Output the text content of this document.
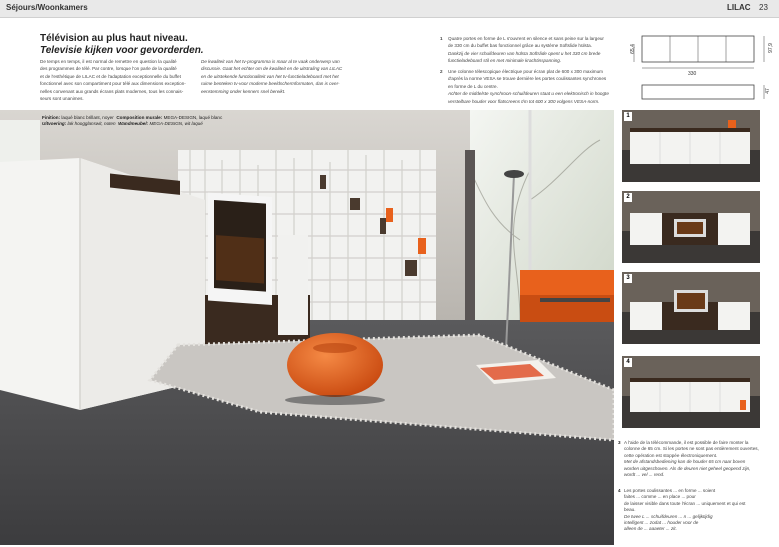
Séjours/Woonkamers	LILAC 23
Télévision au plus haut niveau.
Televisie kijken voor gevorderden.
De temps en temps, il est normal de remettre en question la qualité
des programmes de télé. Par contre, lorsque l'on parle de la qualité
et de l'esthétique de LILAC et de l'adaptation exceptionnelle du buffet
fonctionnel avec son compartiment pour télé aux dimensions exception-
nelles convenant aux grands écrans plats modernes, tous les connais-
seurs sont unanimes.
De kwaliteit van het tv-programma is maar al te vaak onderwerp van
discussie. Gaat het echter om de kwaliteit en de uitstraling van LILAC
en de uitstekende functionaliteit van het tv-functieladeboard met het
ruime benteken tv-voor moderne beeldschermformaten, dan is over-
eenstemming onder kenners snel bereikt.
1 Quatre portes en forme de L s'ouvrent en silence et sans peine sur la largeur
de 330 cm du buffet bas fonctionnel grâce au système Softslide hülsta.
Dankzij de vier schuifdeuren van hülsta Softslide opent u het 330 cm brede
functieladeboard stil en met minimale krachtinspanning.
2 Une colonne télescopique électrique pour écran plat de 600 x 300 maximum
d'après la norme VESA se trouve dernière les portes coulissantes synchrones
en forme de L du centre.
Achter de middelste synchroon-schuifdeuren staat u een elektronisch in hoogte
verstelbare houder voor flatscreens t/m tot 600 x 300 volgens VESA-norm.
65,4	97,9
330
47
Finition: laqué blanc brillant, noyer Composition murale: MEGA-DESIGN, laqué blanc
Uitvoering: lak hoogglanswit, noten Wandmeubel: MEGA-DESIGN, wit laqué
1
2
3
4
3 A l'aide de la télécommande, il est possible de faire monter la
colonne de 65 cm. Si les portes ne sont pas entièrement ouvertes,
cette opération est stoppée électroniquement.
Met de afstandsbediening kan de houder 65 cm naar boven
worden uitgeschoven. Als de deuren niet geheel geopend zijn,
wordt ... vel ... rend.
4 Les portes coulissantes ... en forme ... soient
faites ... comme ... en place ... pour
de laisser visible dans toute l'écran ... uniquement et qui est
beau.
De twee L ... schuifdeuren ... n ... gelijktijdig
intelligent ... zodat ... houder voor de
alleen de ... aaaeter ... zit.
